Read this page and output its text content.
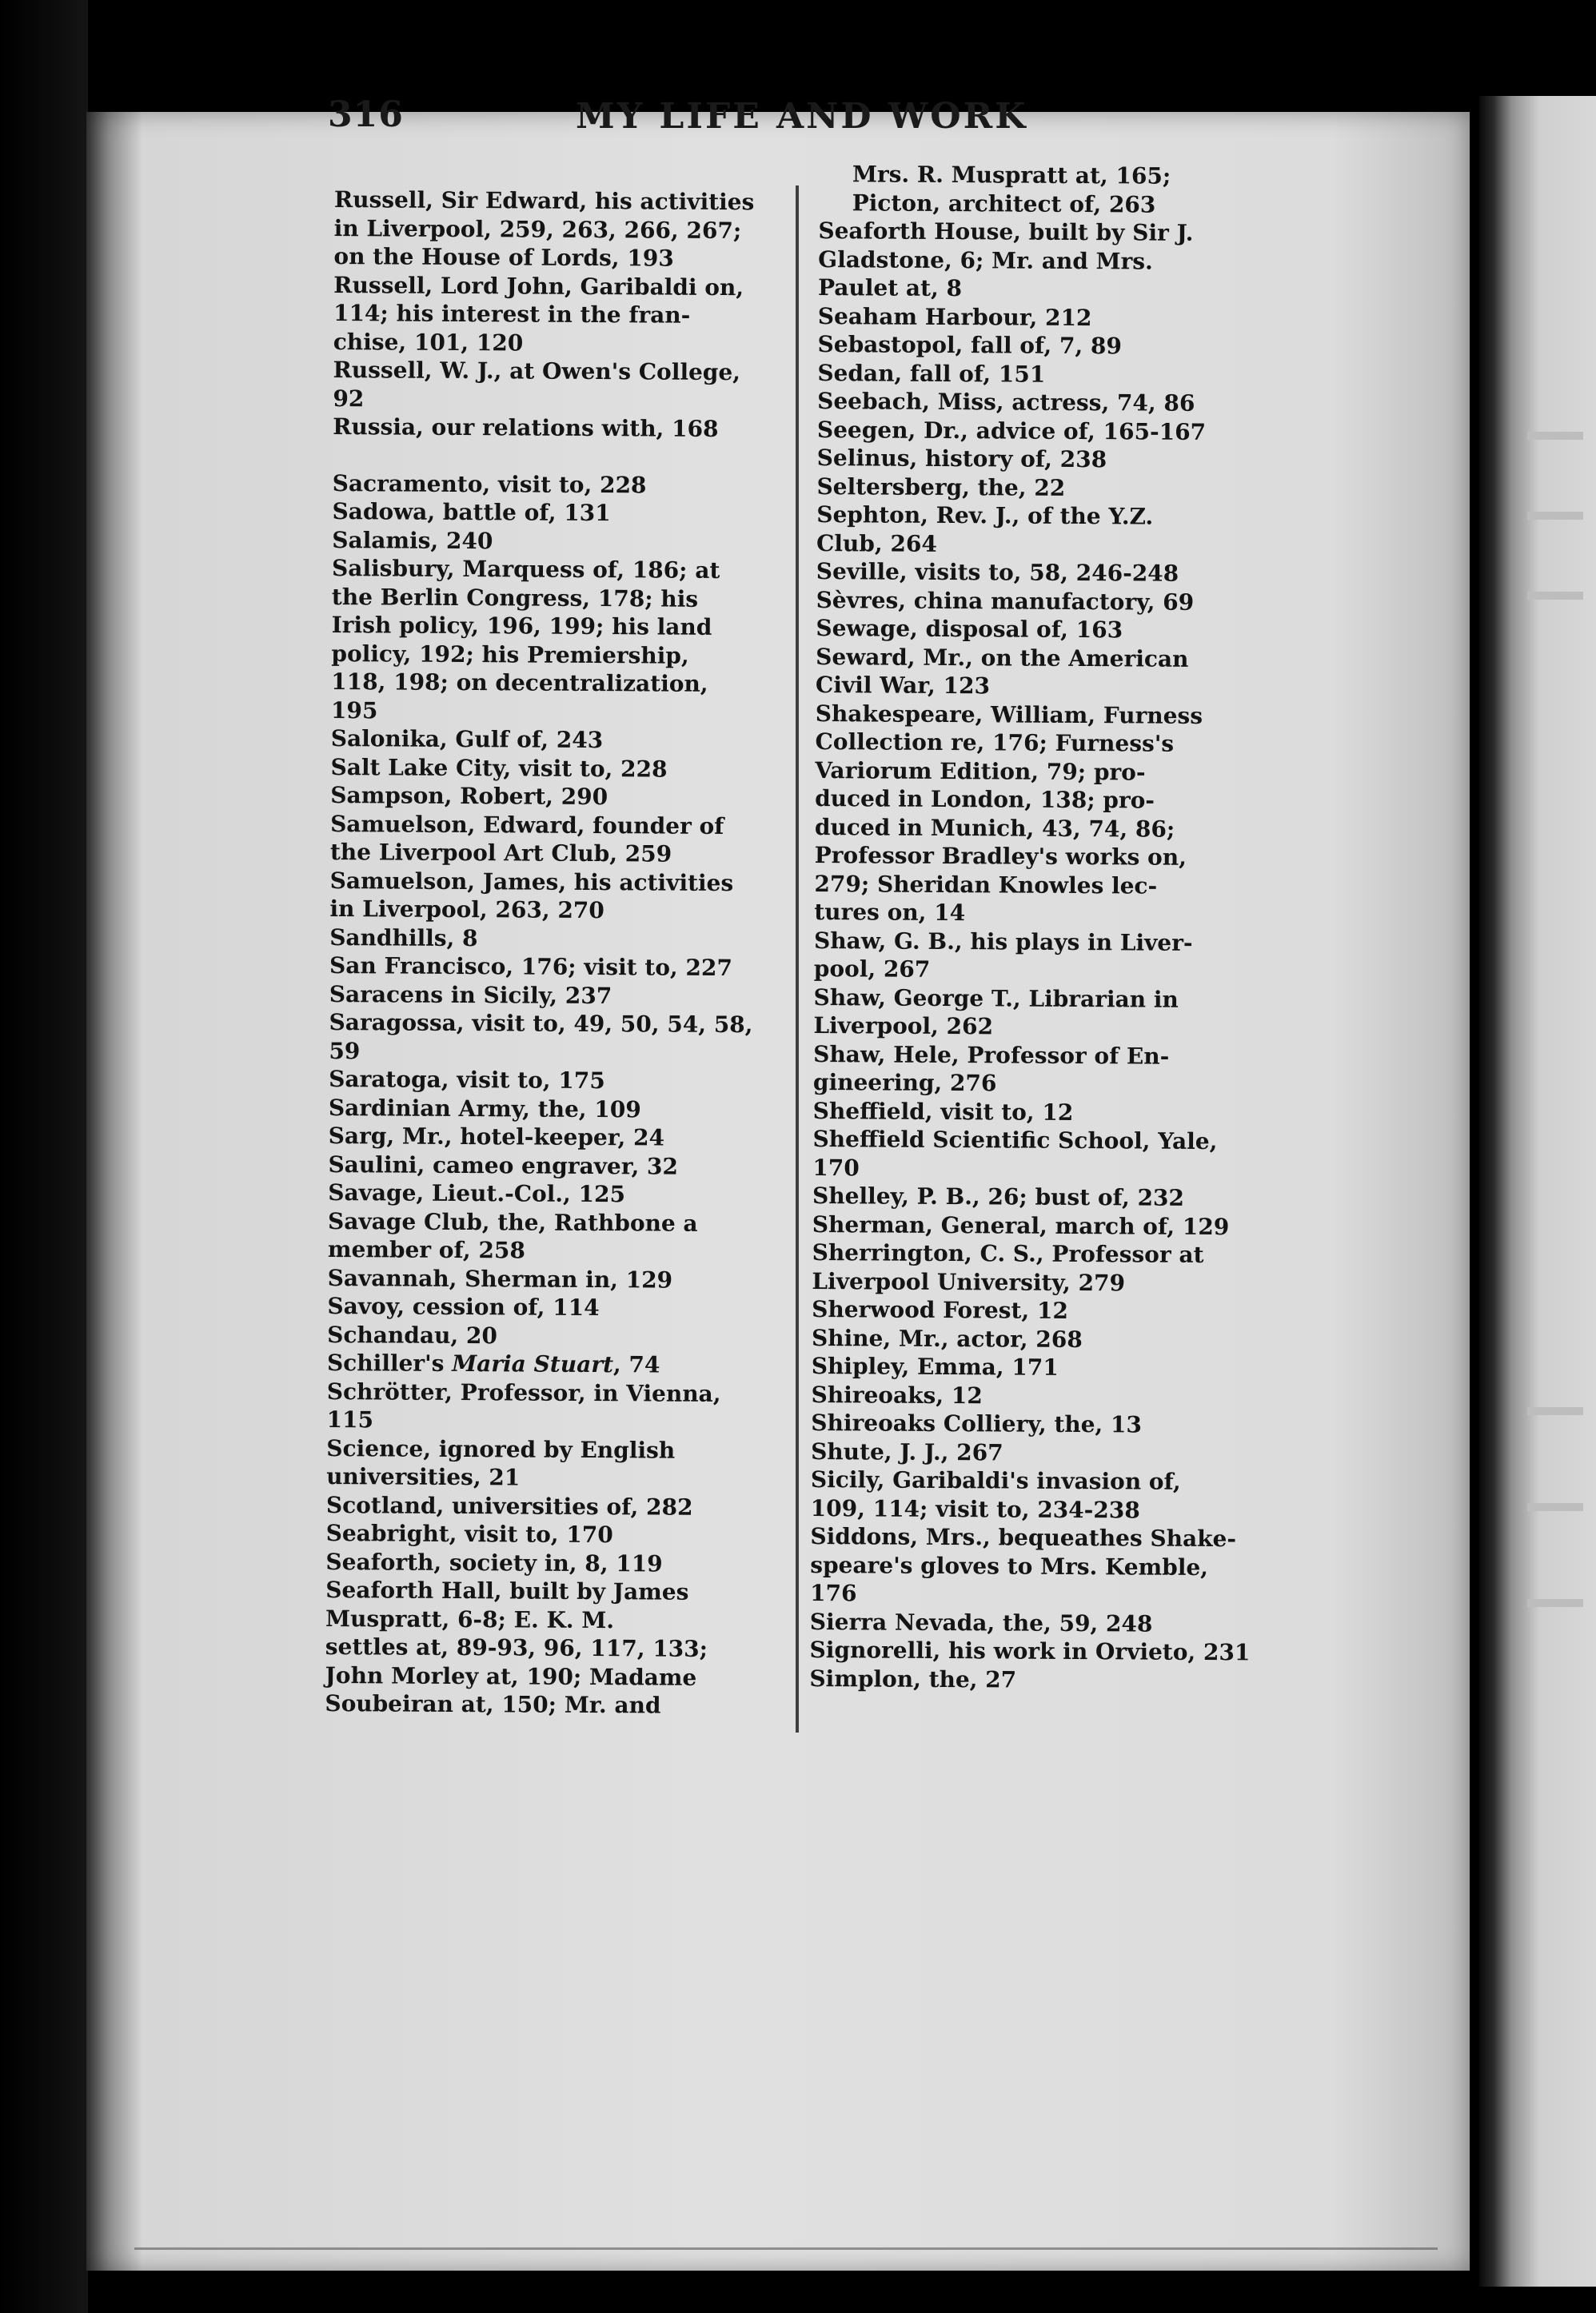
316	MY LIFE AND WORK

Russell, Sir Edward, his activities
in Liverpool, 259, 263, 266, 267;
on the House of Lords, 193

Russell, Lord John, Garibaldi on,
114; his interest in the fran-
chise, 101, 120

Russell, W. J., at Owen's College,
92

Russia, our relations with, 168

Sacramento, visit to, 228

Sadowa, battle of, 131

Salamis, 240

Salisbury, Marquess of, 186; at
the Berlin Congress, 178; his
Irish policy, 196, 199; his land
policy, 192; his Premiership,
118, 198; on decentralization,
195

Salonika, Gulf of, 243

Salt Lake City, visit to, 228

Sampson, Robert, 290

Samuelson, Edward, founder of
the Liverpool Art Club, 259

Samuelson, James, his activities
in Liverpool, 263, 270

Sandhills, 8

San Francisco, 176; visit to, 227

Saracens in Sicily, 237

Saragossa, visit to, 49, 50, 54, 58,
59

Saratoga, visit to, 175

Sardinian Army, the, 109

Sarg, Mr., hotel-keeper, 24

Saulini, cameo engraver, 32

Savage, Lieut.-Col., 125

Savage Club, the, Rathbone a
member of, 258

Savannah, Sherman in, 129

Savoy, cession of, 114

Schandau, 20

Schiller's Maria Stuart, 74

Schrötter, Professor, in Vienna,
115

Science, ignored by English
universities, 21

Scotland, universities of, 282

Seabright, visit to, 170

Seaforth, society in, 8, 119

Seaforth Hall, built by James
Muspratt, 6-8; E. K. M.
settles at, 89-93, 96, 117, 133;
John Morley at, 190; Madame
Soubeiran at, 150; Mr. and

Mrs. R. Muspratt at, 165;
Picton, architect of, 263

Seaforth House, built by Sir J.
Gladstone, 6; Mr. and Mrs.
Paulet at, 8

Seaham Harbour, 212

Sebastopol, fall of, 7, 89

Sedan, fall of, 151

Seebach, Miss, actress, 74, 86

Seegen, Dr., advice of, 165-167

Selinus, history of, 238

Seltersberg, the, 22

Sephton, Rev. J., of the Y.Z.
Club, 264

Seville, visits to, 58, 246-248

Sèvres, china manufactory, 69

Sewage, disposal of, 163

Seward, Mr., on the American
Civil War, 123

Shakespeare, William, Furness
Collection re, 176; Furness's
Variorum Edition, 79; pro-
duced in London, 138; pro-
duced in Munich, 43, 74, 86;
Professor Bradley's works on,
279; Sheridan Knowles lec-
tures on, 14

Shaw, G. B., his plays in Liver-
pool, 267

Shaw, George T., Librarian in
Liverpool, 262

Shaw, Hele, Professor of En-
gineering, 276

Sheffield, visit to, 12

Sheffield Scientific School, Yale,
170

Shelley, P. B., 26; bust of, 232

Sherman, General, march of, 129

Sherrington, C. S., Professor at
Liverpool University, 279

Sherwood Forest, 12

Shine, Mr., actor, 268

Shipley, Emma, 171

Shireoaks, 12

Shireoaks Colliery, the, 13

Shute, J. J., 267

Sicily, Garibaldi's invasion of,
109, 114; visit to, 234-238

Siddons, Mrs., bequeathes Shake-
speare's gloves to Mrs. Kemble,
176

Sierra Nevada, the, 59, 248

Signorelli, his work in Orvieto, 231

Simplon, the, 27
